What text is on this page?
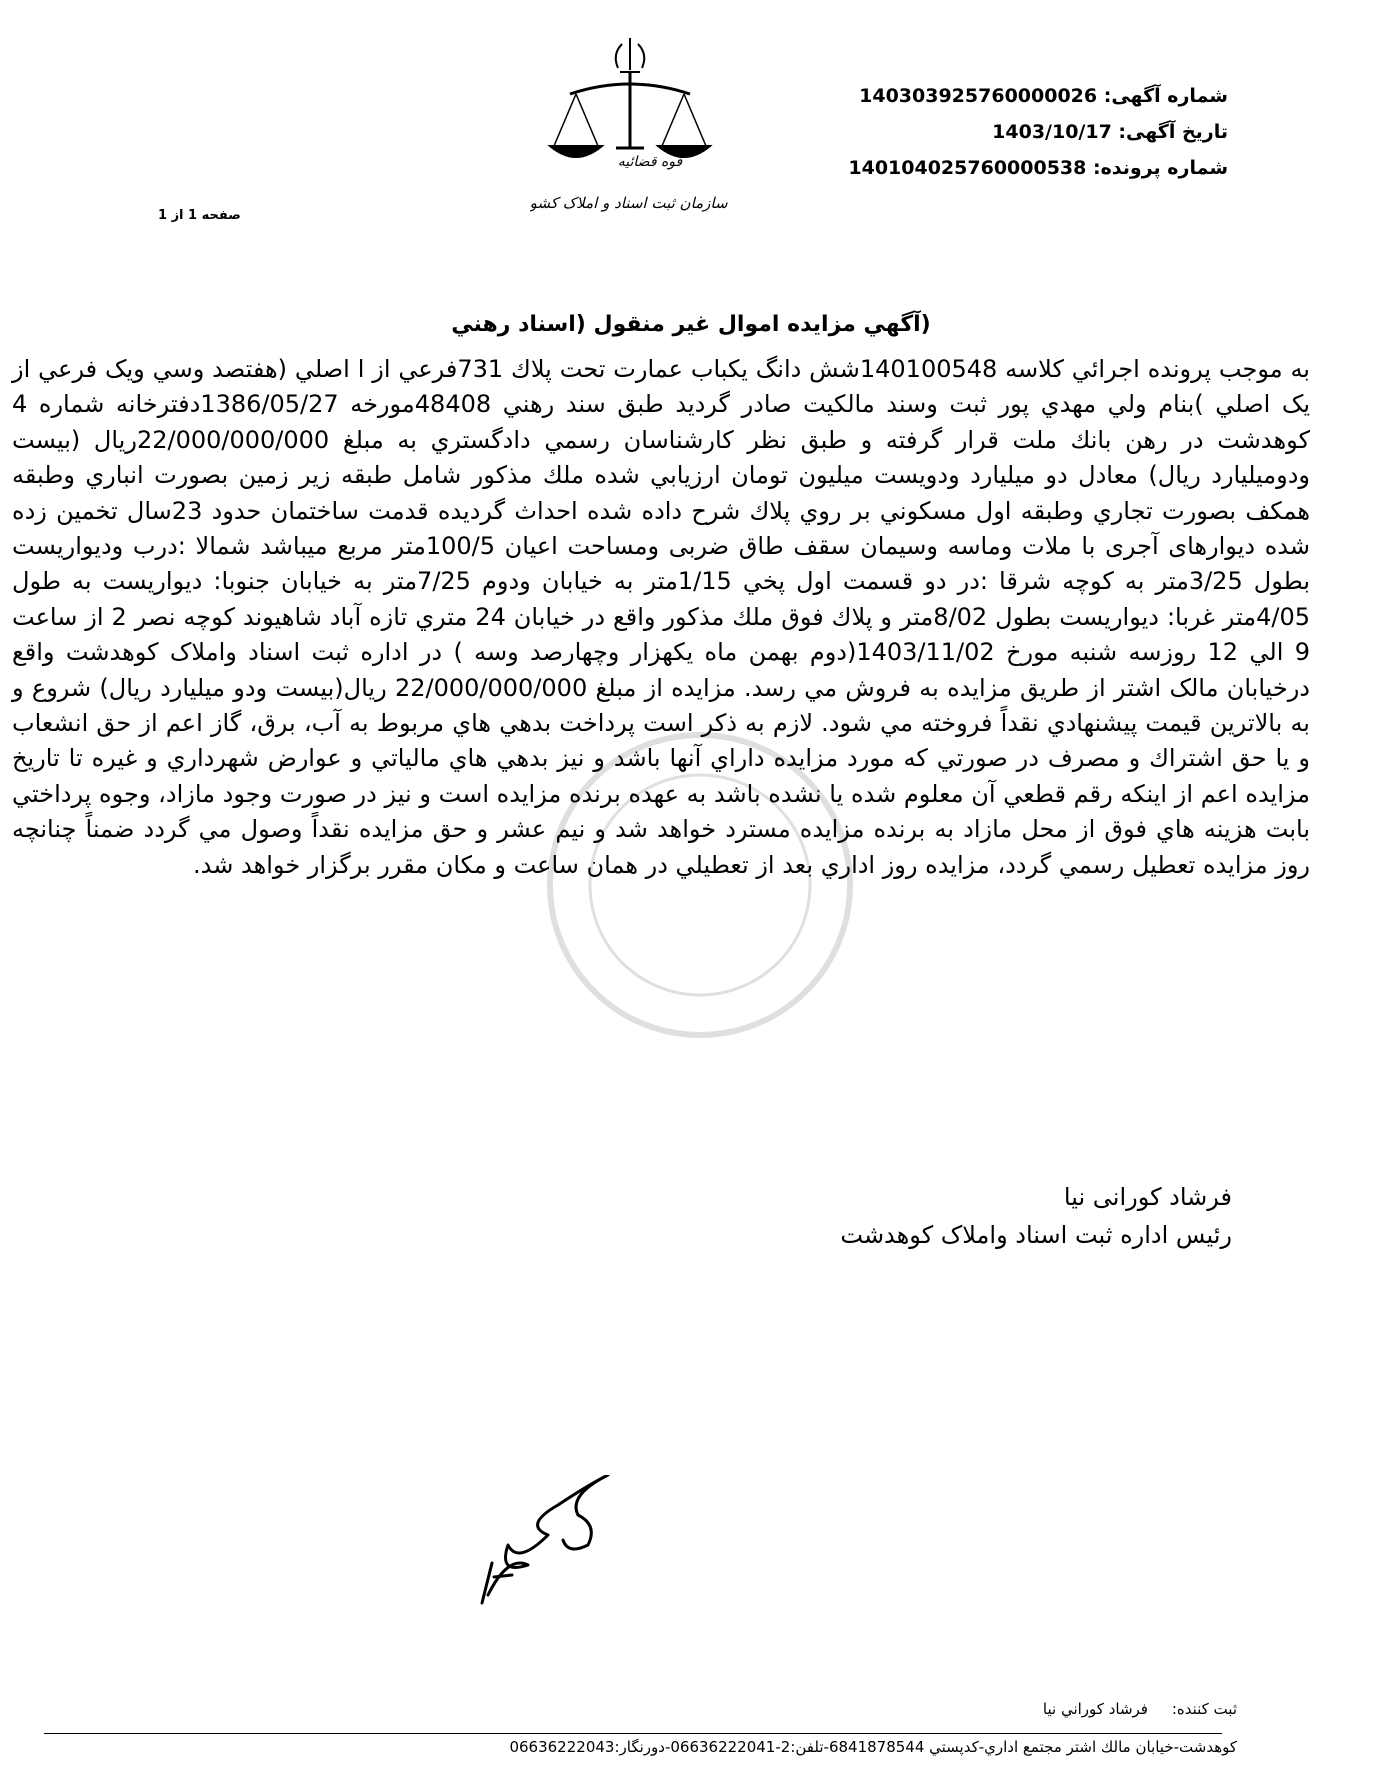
قوه قضائیه
سازمان ثبت اسناد و املاک کشور
شماره آگهی: 140303925760000026
تاریخ آگهی: 1403/10/17
شماره پرونده: 140104025760000538
صفحه 1 از 1
(آگهي مزايده اموال غير منقول (اسناد رهني
به موجب پرونده اجرائي كلاسه 140100548شش دانگ يكباب عمارت تحت پلاك 731فرعي از ا اصلي (هفتصد وسي ويک فرعي از يک اصلي )بنام ولي مهدي پور ثبت وسند مالكيت صادر گرديد طبق سند رهني 48408مورخه 1386/05/27دفترخانه شماره 4 كوهدشت در رهن بانك ملت قرار گرفته و طبق نظر كارشناسان رسمي دادگستري به مبلغ 22/000/000/000ريال (بيست ودوميليارد ريال) معادل دو ميليارد ودويست ميليون تومان ارزيابي شده ملك مذكور شامل طبقه زير زمين بصورت انباري وطبقه همكف بصورت تجاري وطبقه اول مسكوني بر روي پلاك شرح داده شده احداث گرديده قدمت ساختمان حدود 23سال تخمين زده شده ديوارهای آجری با ملات وماسه وسيمان سقف طاق ضربی ومساحت اعيان 100/5متر مربع ميباشد شمالا :درب وديواريست بطول 3/25متر به كوچه شرقا :در دو قسمت اول پخي 1/15متر به خيابان ودوم 7/25متر به خيابان جنوبا: ديواريست به طول 4/05متر غربا: ديواريست بطول 8/02متر و پلاك فوق ملك مذكور واقع در خيابان 24 متري تازه آباد شاهيوند كوچه نصر 2 از ساعت 9 الي 12 روزسه شنبه مورخ 1403/11/02(دوم بهمن ماه يكهزار وچهارصد وسه ) در اداره ثبت اسناد واملاک کوهدشت واقع درخيابان مالک اشتر از طريق مزايده به فروش مي رسد. مزايده از مبلغ 22/000/000/000 ريال(بيست ودو ميليارد ريال) شروع و به بالاترين قيمت پيشنهادي نقداً فروخته مي شود. لازم به ذكر است پرداخت بدهي هاي مربوط به آب، برق، گاز اعم از حق انشعاب و يا حق اشتراك و مصرف در صورتي كه مورد مزايده داراي آنها باشد و نيز بدهي هاي مالياتي و عوارض شهرداري و غيره تا تاريخ مزايده اعم از اينكه رقم قطعي آن معلوم شده يا نشده باشد به عهده برنده مزايده است و نيز در صورت وجود مازاد، وجوه پرداختي بابت هزينه هاي فوق از محل مازاد به برنده مزايده مسترد خواهد شد و نيم عشر و حق مزايده نقداً وصول مي گردد ضمناً چنانچه روز مزايده تعطيل رسمي گردد، مزايده روز اداري بعد از تعطيلي در همان ساعت و مكان مقرر برگزار خواهد شد.
فرشاد کورانی نیا
رئیس اداره ثبت اسناد واملاک کوهدشت
ثبت کننده:     فرشاد کوراني نيا
كوهدشت-خيابان مالك اشتر مجتمع اداري-كدپستي 6841878544-تلفن:2-06636222041-دورنگار:06636222043
